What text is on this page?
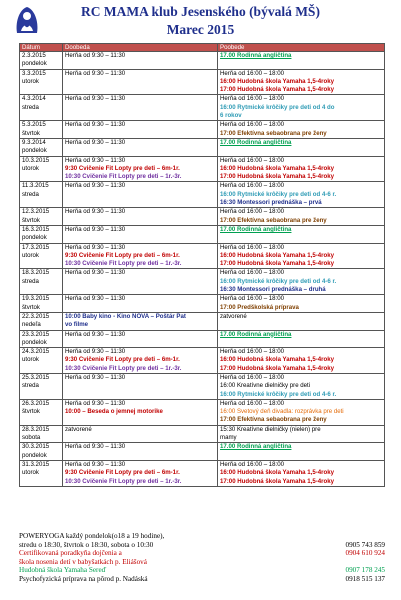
RC MAMA klub Jesenského (bývalá MŠ)
Marec 2015
Dátum	Doobeda	Poobede

2.3.2015
pondelok	Herňa od 9:30 – 11:30	17.00 Rodinná angličtina

3.3.2015
utorok	Herňa od 9:30 – 11:30	Herňa od 16:00 – 18:00
16:00 Hudobná škola Yamaha 1,5-4roky
17:00 Hudobná škola Yamaha 1,5-4roky

4.3.2014
streda	Herňa od 9:30 – 11:30	Herňa od 16:00 – 18:00
16:00 Rytmické krôčiky pre deti od 4 do
6 rokov

5.3.2015
štvrtok	Herňa od 9:30 – 11:30	Herňa od 16:00 – 18:00
17:00 Efektívna sebaobrana pre ženy

9.3.2014
pondelok	Herňa od 9:30 – 11:30	17.00 Rodinná angličtina

10.3.2015
utorok	Herňa od 9:30 – 11:30
9:30 Cvičenie Fit Lopty pre deti – 6m-1r.
10:30 Cvičenie Fit Lopty pre deti – 1r.-3r.	Herňa od 16:00 – 18:00
16:00 Hudobná škola Yamaha 1,5-4roky
17:00 Hudobná škola Yamaha 1,5-4roky

11.3.2015
streda	Herňa od 9:30 – 11:30	Herňa od 16:00 – 18:00
16:00 Rytmické krôčiky pre deti od 4-6 r.
16:30 Montessori prednáška – prvá

12.3.2015
štvrtok	Herňa od 9:30 – 11:30	Herňa od 16:00 – 18:00
17:00 Efektívna sebaobrana pre ženy

16.3.2015
pondelok	Herňa od 9:30 – 11:30	17.00 Rodinná angličtina

17.3.2015
utorok	Herňa od 9:30 – 11:30
9:30 Cvičenie Fit Lopty pre deti – 6m-1r.
10:30 Cvičenie Fit Lopty pre deti – 1r.-3r.	Herňa od 16:00 – 18:00
16:00 Hudobná škola Yamaha 1,5-4roky
17:00 Hudobná škola Yamaha 1,5-4roky

18.3.2015
streda	Herňa od 9:30 – 11:30	Herňa od 16:00 – 18:00
16:00 Rytmické krôčiky pre deti od 4-6 r.
16:30 Montessori prednáška – druhá

19.3.2015
štvrtok	Herňa od 9:30 – 11:30	Herňa od 16:00 – 18:00
17:00 Predškolská príprava

22.3.2015
nedeľa	10:00 Baby kino - Kino NOVA – Poštár Pat
vo filme	zatvorené

23.3.2015
pondelok	Herňa od 9:30 – 11:30	17.00 Rodinná angličtina

24.3.2015
utorok	Herňa od 9:30 – 11:30
9:30 Cvičenie Fit Lopty pre deti – 6m-1r.
10:30 Cvičenie Fit Lopty pre deti – 1r.-3r.	Herňa od 16:00 – 18:00
16:00 Hudobná škola Yamaha 1,5-4roky
17:00 Hudobná škola Yamaha 1,5-4roky

25.3.2015
streda	Herňa od 9:30 – 11:30	Herňa od 16:00 – 18:00
16:00 Kreatívne dielničky pre deti
16:00 Rytmické krôčiky pre deti od 4-6 r.

26.3.2015
štvrtok	Herňa od 9:30 – 11:30
10:00 – Beseda o jemnej motorike	Herňa od 16:00 – 18:00
16:00 Svetový deň divadla: rozprávka pre deti
17:00 Efektívna sebaobrana pre ženy

28.3.2015
sobota	zatvorené	15:30 Kreatívne dielničky (nielen) pre
mamy

30.3.2015
pondelok	Herňa od 9:30 – 11:30	17.00 Rodinná angličtina

31.3.2015
utorok	Herňa od 9:30 – 11:30
9:30 Cvičenie Fit Lopty pre deti – 6m-1r.
10:30 Cvičenie Fit Lopty pre deti – 1r.-3r.	Herňa od 16:00 – 18:00
16:00 Hudobná škola Yamaha 1,5-4roky
17:00 Hudobná škola Yamaha 1,5-4roky
POWERYOGA každý pondelok(o18 a 19 hodine),
stredu o 18:30, štvrtok o 18:30, sobota o 10:30	0905 743 859
Certifikovaná poradkyňa dojčenia a	0904 610 924
škola nosenia detí v babyšatkách p. Eliášová
Hudobná škola Yamaha Sereď	0907 178 245
Psychofyzická príprava na pôrod p. Nadáská	0918 515 137
